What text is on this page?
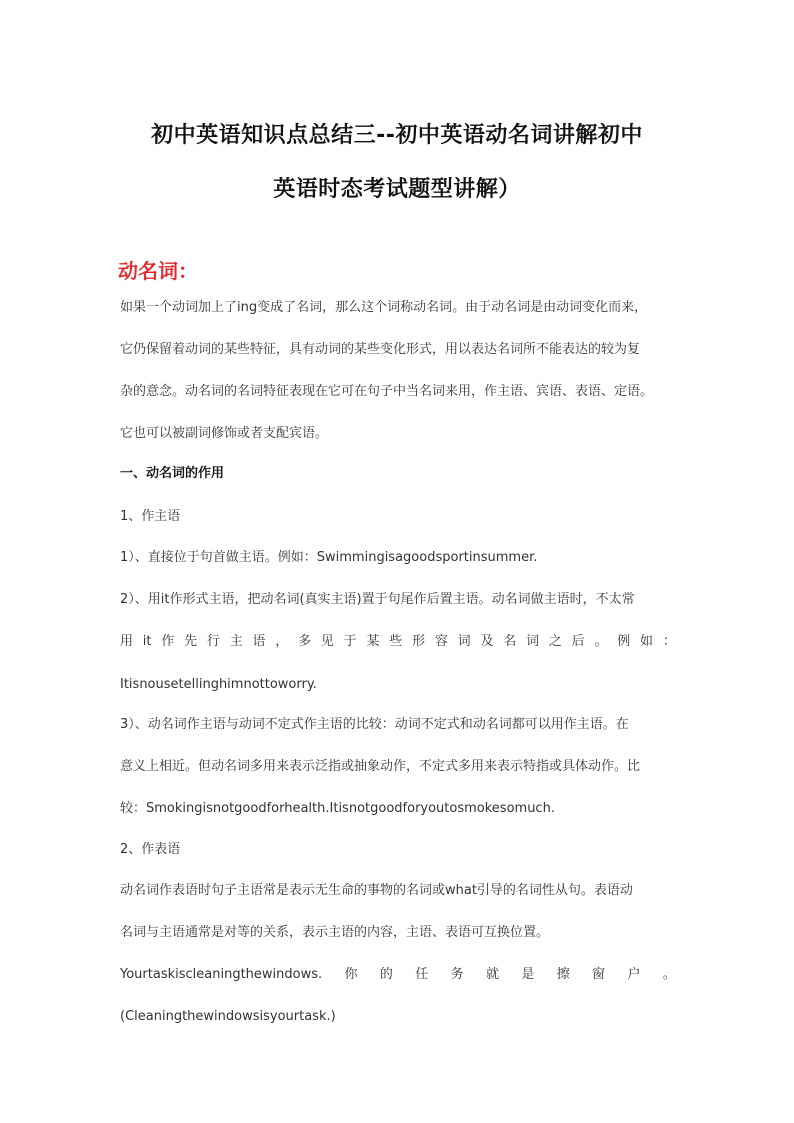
初中英语知识点总结三--初中英语动名词讲解初中
英语时态考试题型讲解）
动名词：
如果一个动词加上了ing变成了名词，那么这个词称动名词。由于动名词是由动词变化而来，
它仍保留着动词的某些特征，具有动词的某些变化形式，用以表达名词所不能表达的较为复
杂的意念。动名词的名词特征表现在它可在句子中当名词来用，作主语、宾语、表语、定语。
它也可以被副词修饰或者支配宾语。
一、动名词的作用
1、作主语
1）、直接位于句首做主语。例如：Swimmingisagoodsportinsummer.
2）、用it作形式主语，把动名词(真实主语)置于句尾作后置主语。动名词做主语时，不太常
用 it 作 先 行 主 语 ， 多 见 于 某 些 形 容 词 及 名 词 之 后 。 例 如 ：
Itisnousetellinghimnottoworry.
3）、动名词作主语与动词不定式作主语的比较：动词不定式和动名词都可以用作主语。在
意义上相近。但动名词多用来表示泛指或抽象动作，不定式多用来表示特指或具体动作。比
较：Smokingisnotgoodforhealth.Itisnotgoodforyoutosmokesomuch.
2、作表语
动名词作表语时句子主语常是表示无生命的事物的名词或what引导的名词性从句。表语动
名词与主语通常是对等的关系，表示主语的内容，主语、表语可互换位置。
Yourtaskiscleaningthewindows. 你 的 任 务 就 是 擦 窗 户 。
(Cleaningthewindowsisyourtask.)
